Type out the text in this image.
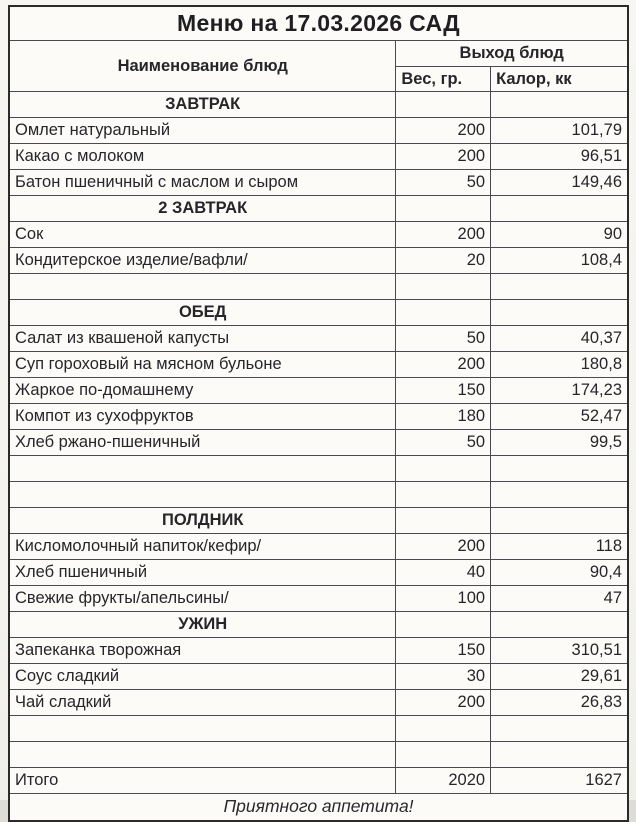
Меню на 17.03.2026 САД		
Наименование блюд	Выход блюд	
	Вес, гр.	Калор, кк
ЗАВТРАК		
Омлет натуральный	200	101,79
Какао с молоком	200	96,51
Батон пшеничный с маслом и сыром	50	149,46
2 ЗАВТРАК		
Сок	200	90
Кондитерское изделие/вафли/	20	108,4

ОБЕД		
Салат из квашеной капусты	50	40,37
Суп гороховый на мясном бульоне	200	180,8
Жаркое по-домашнему	150	174,23
Компот из сухофруктов	180	52,47
Хлеб ржано-пшеничный	50	99,5

ПОЛДНИК		
Кисломолочный напиток/кефир/	200	118
Хлеб пшеничный	40	90,4
Свежие фрукты/апельсины/	100	47
УЖИН		
Запеканка творожная	150	310,51
Соус сладкий	30	29,61
Чай сладкий	200	26,83

Итого	2020	1627
Приятного аппетита!		
